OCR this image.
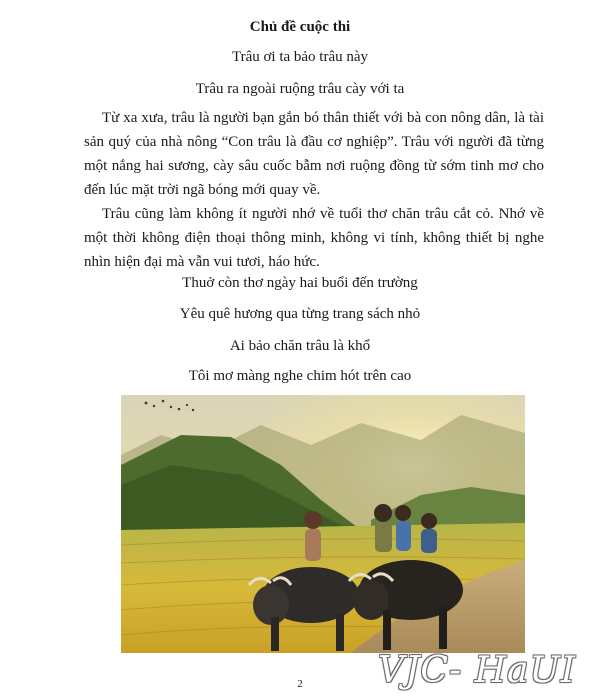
Chủ đề cuộc thi
Trâu ơi ta bảo trâu này
Trâu ra ngoài ruộng trâu cày với ta

Từ xa xưa, trâu là người bạn gắn bó thân thiết với bà con nông dân, là tài sản quý của nhà nông “Con trâu là đầu cơ nghiệp”. Trâu với người đã từng một nắng hai sương, cày sâu cuốc bẫm nơi ruộng đồng từ sớm tinh mơ cho đến lúc mặt trời ngã bóng mới quay về.

Trâu cũng làm không ít người nhớ về tuổi thơ chăn trâu cắt cỏ. Nhớ về một thời không điện thoại thông minh, không vi tính, không thiết bị nghe nhìn hiện đại mà vẫn vui tươi, háo hức.

Thuở còn thơ ngày hai buổi đến trường
Yêu quê hương qua từng trang sách nhỏ
Ai bảo chăn trâu là khổ
Tôi mơ màng nghe chim hót trên cao
2	VJC- HaUI
